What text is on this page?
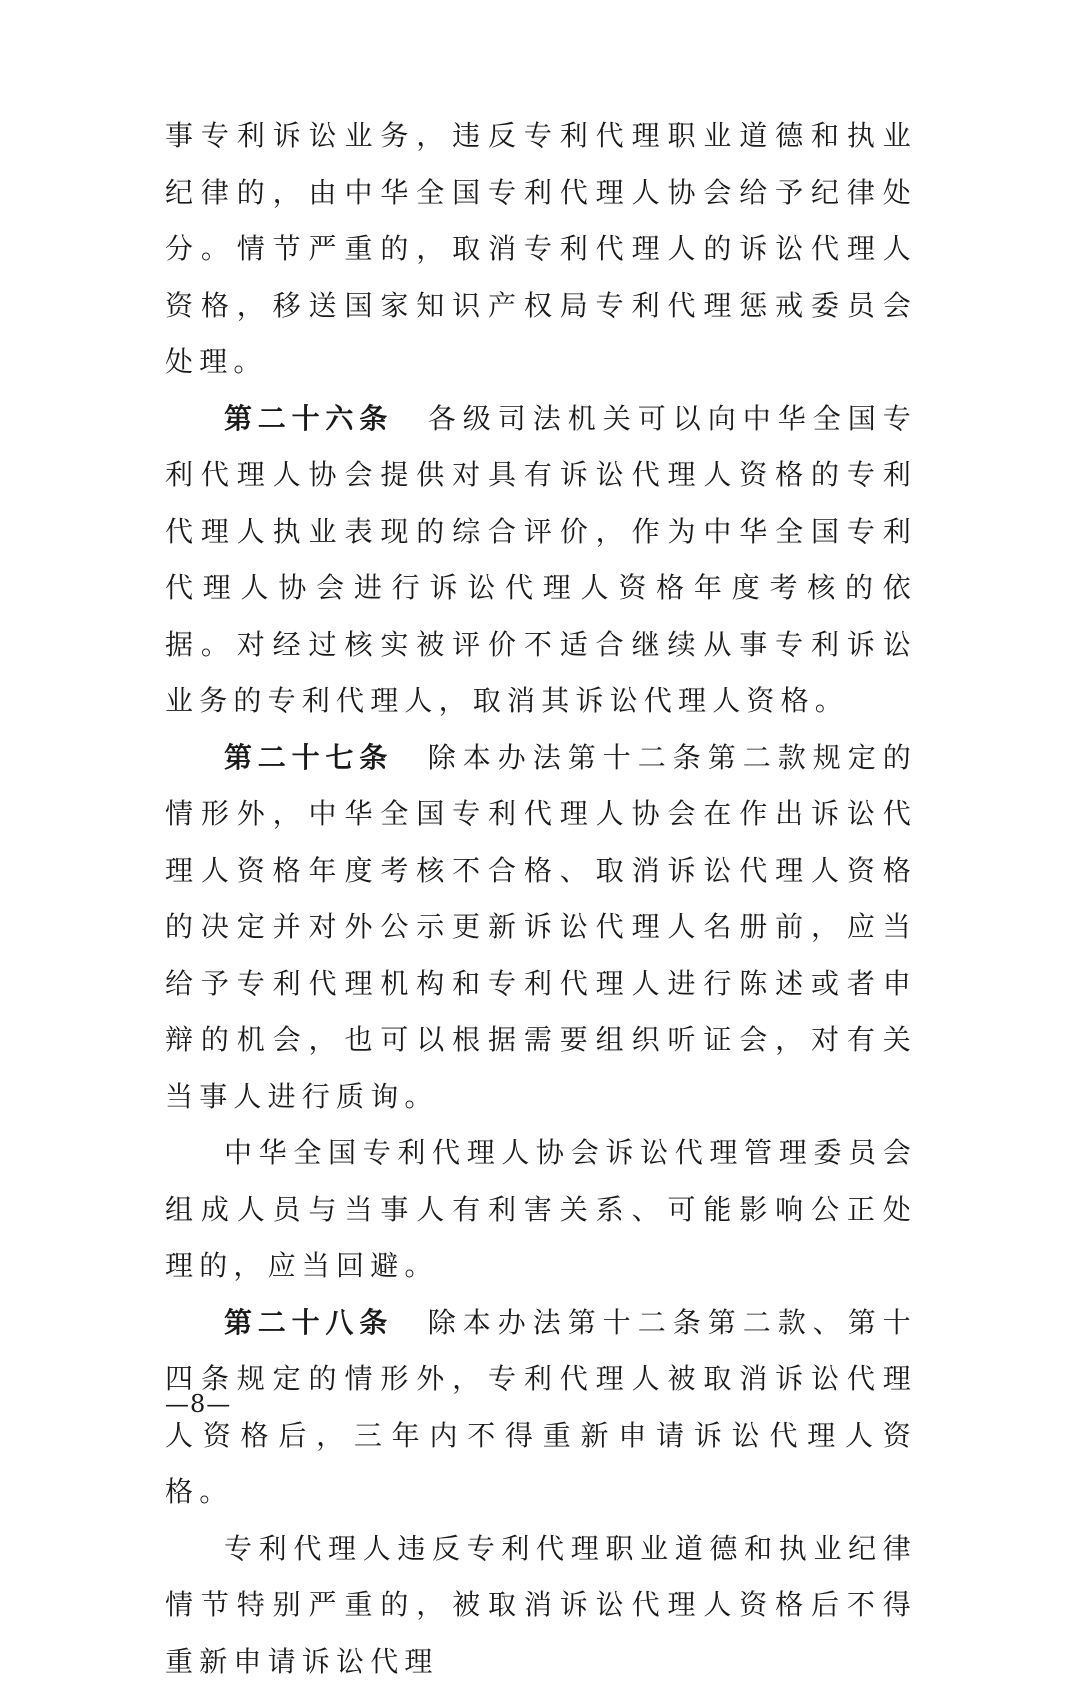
事专利诉讼业务，违反专利代理职业道德和执业纪律的，由中华全国专利代理人协会给予纪律处分。情节严重的，取消专利代理人的诉讼代理人资格，移送国家知识产权局专利代理惩戒委员会处理。

第二十六条 各级司法机关可以向中华全国专利代理人协会提供对具有诉讼代理人资格的专利代理人执业表现的综合评价，作为中华全国专利代理人协会进行诉讼代理人资格年度考核的依据。对经过核实被评价不适合继续从事专利诉讼业务的专利代理人，取消其诉讼代理人资格。

第二十七条 除本办法第十二条第二款规定的情形外，中华全国专利代理人协会在作出诉讼代理人资格年度考核不合格、取消诉讼代理人资格的决定并对外公示更新诉讼代理人名册前，应当给予专利代理机构和专利代理人进行陈述或者申辩的机会，也可以根据需要组织听证会，对有关当事人进行质询。

中华全国专利代理人协会诉讼代理管理委员会组成人员与当事人有利害关系、可能影响公正处理的，应当回避。

第二十八条 除本办法第十二条第二款、第十四条规定的情形外，专利代理人被取消诉讼代理人资格后，三年内不得重新申请诉讼代理人资格。

专利代理人违反专利代理职业道德和执业纪律情节特别严重的，被取消诉讼代理人资格后不得重新申请诉讼代理

—8—
